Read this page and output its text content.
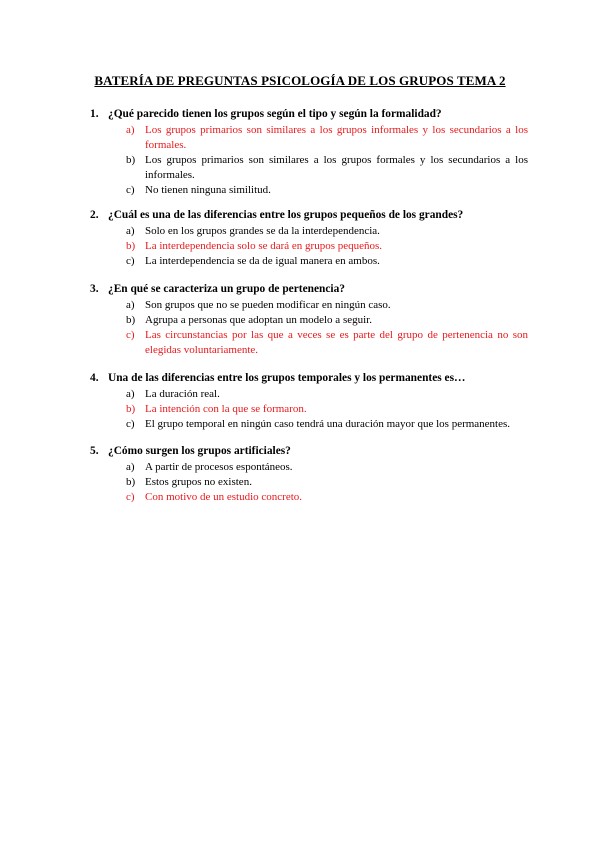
BATERÍA DE PREGUNTAS PSICOLOGÍA DE LOS GRUPOS TEMA 2
1. ¿Qué parecido tienen los grupos según el tipo y según la formalidad?
a) Los grupos primarios son similares a los grupos informales y los secundarios a los formales.
b) Los grupos primarios son similares a los grupos formales y los secundarios a los informales.
c) No tienen ninguna similitud.
2. ¿Cuál es una de las diferencias entre los grupos pequeños de los grandes?
a) Solo en los grupos grandes se da la interdependencia.
b) La interdependencia solo se dará en grupos pequeños.
c) La interdependencia se da de igual manera en ambos.
3. ¿En qué se caracteriza un grupo de pertenencia?
a) Son grupos que no se pueden modificar en ningún caso.
b) Agrupa a personas que adoptan un modelo a seguir.
c) Las circunstancias por las que a veces se es parte del grupo de pertenencia no son elegidas voluntariamente.
4. Una de las diferencias entre los grupos temporales y los permanentes es…
a) La duración real.
b) La intención con la que se formaron.
c) El grupo temporal en ningún caso tendrá una duración mayor que los permanentes.
5. ¿Cómo surgen los grupos artificiales?
a) A partir de procesos espontáneos.
b) Estos grupos no existen.
c) Con motivo de un estudio concreto.
